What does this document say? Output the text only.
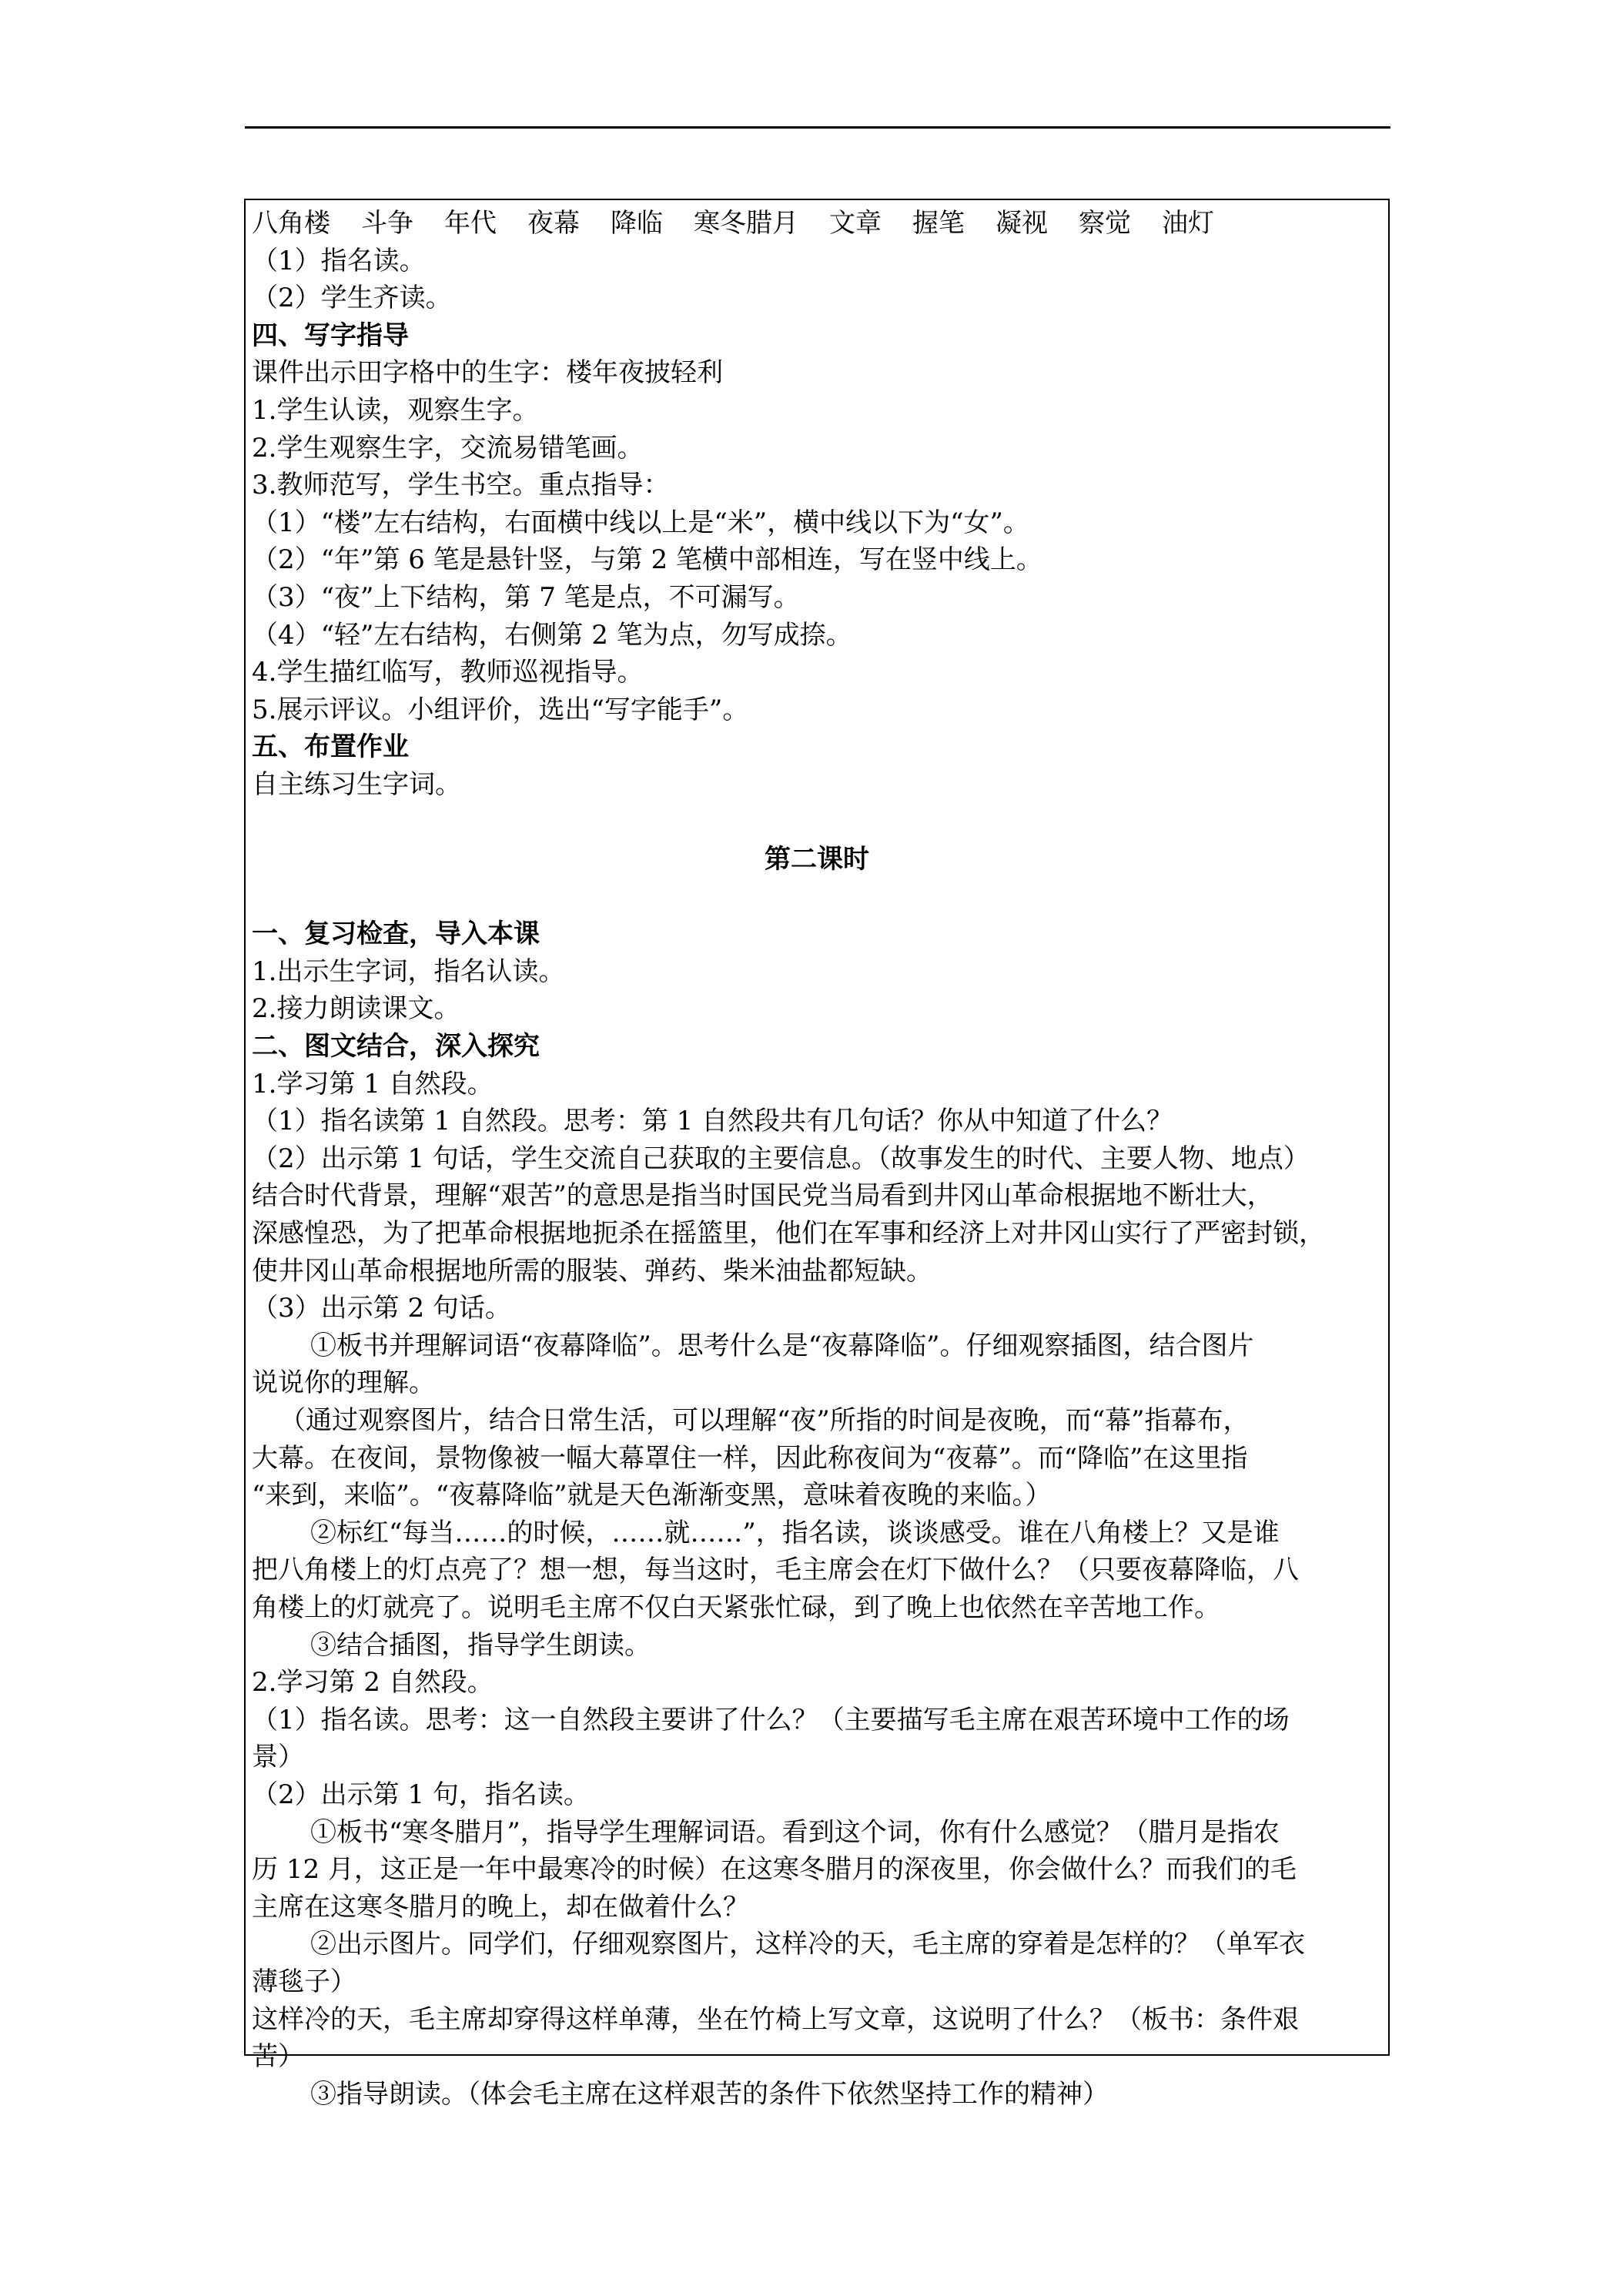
八角楼 斗争 年代 夜幕 降临 寒冬腊月 文章 握笔 凝视 察觉 油灯

（1）指名读。

（2）学生齐读。

四、写字指导

课件出示田字格中的生字：楼年夜披轻利

1.学生认读，观察生字。

2.学生观察生字，交流易错笔画。

3.教师范写，学生书空。重点指导：

（1）“楼”左右结构，右面横中线以上是“米”，横中线以下为“女”。

（2）“年”第 6 笔是悬针竖，与第 2 笔横中部相连，写在竖中线上。

（3）“夜”上下结构，第 7 笔是点，不可漏写。

（4）“轻”左右结构，右侧第 2 笔为点，勿写成捺。

4.学生描红临写，教师巡视指导。

5.展示评议。小组评价，选出“写字能手”。

五、布置作业

自主练习生字词。

第二课时

一、复习检查，导入本课

1.出示生字词，指名认读。

2.接力朗读课文。

二、图文结合，深入探究

1.学习第 1 自然段。

（1）指名读第 1 自然段。思考：第 1 自然段共有几句话？你从中知道了什么？

（2）出示第 1 句话，学生交流自己获取的主要信息。（故事发生的时代、主要人物、地点）

结合时代背景，理解“艰苦”的意思是指当时国民党当局看到井冈山革命根据地不断壮大，

深感惶恐，为了把革命根据地扼杀在摇篮里，他们在军事和经济上对井冈山实行了严密封锁，

使井冈山革命根据地所需的服装、弹药、柴米油盐都短缺。

（3）出示第 2 句话。

①板书并理解词语“夜幕降临”。思考什么是“夜幕降临”。仔细观察插图，结合图片

说说你的理解。

（通过观察图片，结合日常生活，可以理解“夜”所指的时间是夜晚，而“幕”指幕布，

大幕。在夜间，景物像被一幅大幕罩住一样，因此称夜间为“夜幕”。而“降临”在这里指

“来到，来临”。“夜幕降临”就是天色渐渐变黑，意味着夜晚的来临。）

②标红“每当……的时候，……就……”，指名读，谈谈感受。谁在八角楼上？又是谁

把八角楼上的灯点亮了？想一想，每当这时，毛主席会在灯下做什么？（只要夜幕降临，八

角楼上的灯就亮了。说明毛主席不仅白天紧张忙碌，到了晚上也依然在辛苦地工作。

③结合插图，指导学生朗读。

2.学习第 2 自然段。

（1）指名读。思考：这一自然段主要讲了什么？（主要描写毛主席在艰苦环境中工作的场

景）

（2）出示第 1 句，指名读。

①板书“寒冬腊月”，指导学生理解词语。看到这个词，你有什么感觉？（腊月是指农

历 12 月，这正是一年中最寒冷的时候）在这寒冬腊月的深夜里，你会做什么？而我们的毛

主席在这寒冬腊月的晚上，却在做着什么？

②出示图片。同学们，仔细观察图片，这样冷的天，毛主席的穿着是怎样的？（单军衣

薄毯子）

这样冷的天，毛主席却穿得这样单薄，坐在竹椅上写文章，这说明了什么？（板书：条件艰

苦）

③指导朗读。（体会毛主席在这样艰苦的条件下依然坚持工作的精神）
